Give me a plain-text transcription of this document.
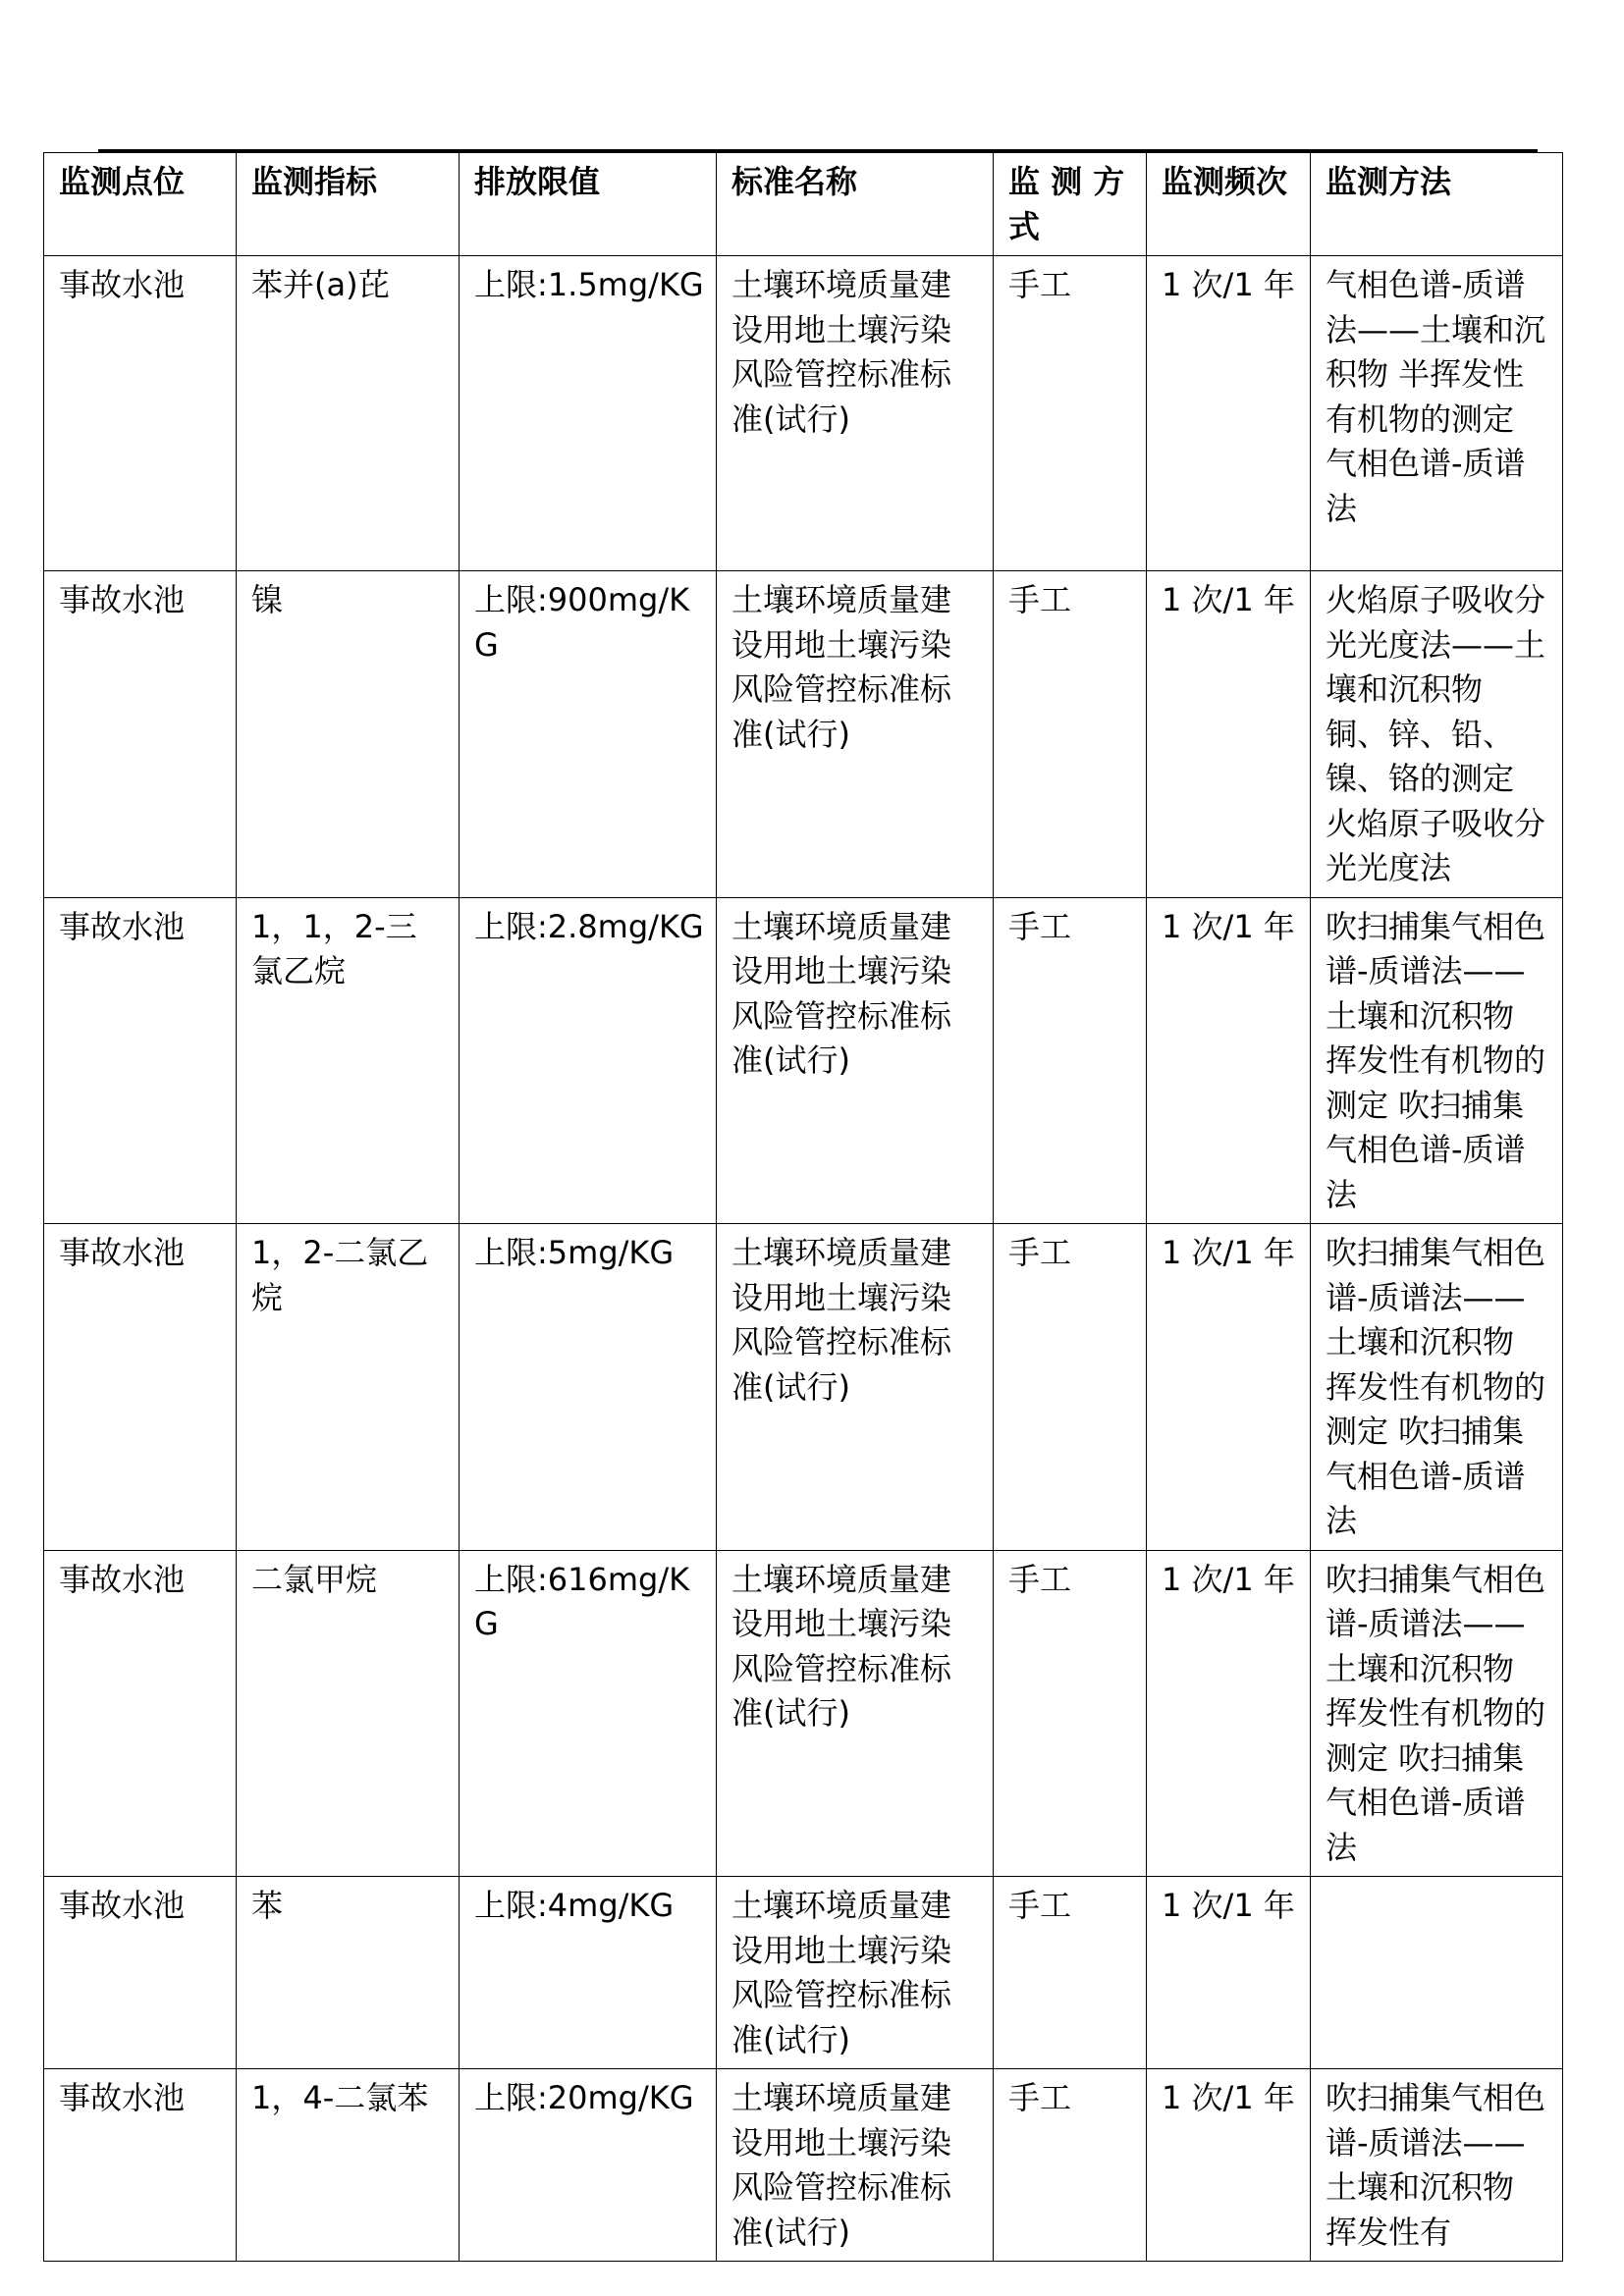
监测点位	监测指标	排放限值	标准名称	监 测 方 式	监测频次	监测方法
事故水池	苯并(a)芘	上限:1.5mg/KG	土壤环境质量建设用地土壤污染风险管控标准标准(试行)	手工	1 次/1 年	气相色谱-质谱法——土壤和沉积物 半挥发性有机物的测定 气相色谱-质谱法
事故水池	镍	上限:900mg/KG	土壤环境质量建设用地土壤污染风险管控标准标准(试行)	手工	1 次/1 年	火焰原子吸收分光光度法——土壤和沉积物 铜、锌、铅、镍、铬的测定 火焰原子吸收分光光度法
事故水池	1，1，2-三氯乙烷	上限:2.8mg/KG	土壤环境质量建设用地土壤污染风险管控标准标准(试行)	手工	1 次/1 年	吹扫捕集气相色谱-质谱法——土壤和沉积物 挥发性有机物的测定 吹扫捕集气相色谱-质谱法
事故水池	1，2-二氯乙烷	上限:5mg/KG	土壤环境质量建设用地土壤污染风险管控标准标准(试行)	手工	1 次/1 年	吹扫捕集气相色谱-质谱法——土壤和沉积物 挥发性有机物的测定 吹扫捕集气相色谱-质谱法
事故水池	二氯甲烷	上限:616mg/KG	土壤环境质量建设用地土壤污染风险管控标准标准(试行)	手工	1 次/1 年	吹扫捕集气相色谱-质谱法——土壤和沉积物 挥发性有机物的测定 吹扫捕集气相色谱-质谱法
事故水池	苯	上限:4mg/KG	土壤环境质量建设用地土壤污染风险管控标准标准(试行)	手工	1 次/1 年	
事故水池	1，4-二氯苯	上限:20mg/KG	土壤环境质量建设用地土壤污染风险管控标准标准(试行)	手工	1 次/1 年	吹扫捕集气相色谱-质谱法——土壤和沉积物 挥发性有
